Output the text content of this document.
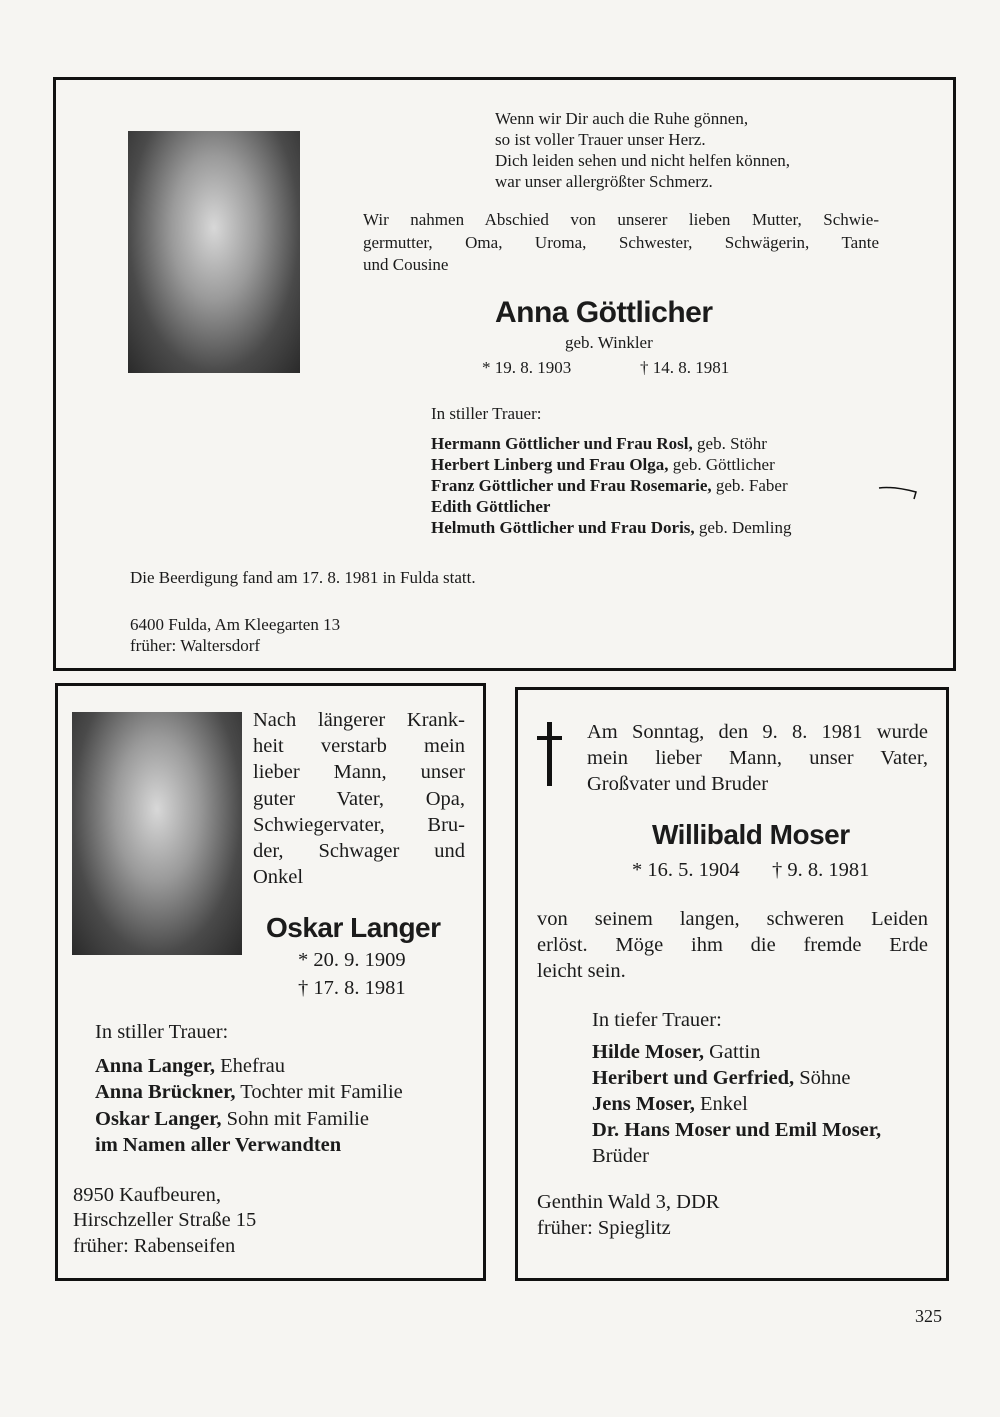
Wenn wir Dir auch die Ruhe gönnen,
so ist voller Trauer unser Herz.
Dich leiden sehen und nicht helfen können,
war unser allergrößter Schmerz.
Wir nahmen Abschied von unserer lieben Mutter, Schwie-
germutter, Oma, Uroma, Schwester, Schwägerin, Tante
und Cousine
Anna Göttlicher
geb. Winkler
* 19. 8. 1903	† 14. 8. 1981
In stiller Trauer:
Hermann Göttlicher und Frau Rosl, geb. Stöhr
Herbert Linberg und Frau Olga, geb. Göttlicher
Franz Göttlicher und Frau Rosemarie, geb. Faber
Edith Göttlicher
Helmuth Göttlicher und Frau Doris, geb. Demling
Die Beerdigung fand am 17. 8. 1981 in Fulda statt.
6400 Fulda, Am Kleegarten 13
früher: Waltersdorf
Nach längerer Krank-
heit verstarb mein
lieber Mann, unser
guter Vater, Opa,
Schwiegervater, Bru-
der, Schwager und
Onkel
Oskar Langer
* 20. 9. 1909
† 17. 8. 1981
In stiller Trauer:
Anna Langer, Ehefrau
Anna Brückner, Tochter mit Familie
Oskar Langer, Sohn mit Familie
im Namen aller Verwandten
8950 Kaufbeuren,
Hirschzeller Straße 15
früher: Rabenseifen
Am Sonntag, den 9. 8. 1981 wurde
mein lieber Mann, unser Vater,
Großvater und Bruder
Willibald Moser
* 16. 5. 1904 † 9. 8. 1981
von seinem langen, schweren Leiden
erlöst. Möge ihm die fremde Erde
leicht sein.
In tiefer Trauer:
Hilde Moser, Gattin
Heribert und Gerfried, Söhne
Jens Moser, Enkel
Dr. Hans Moser und Emil Moser,
Brüder
Genthin Wald 3, DDR
früher: Spieglitz
325
